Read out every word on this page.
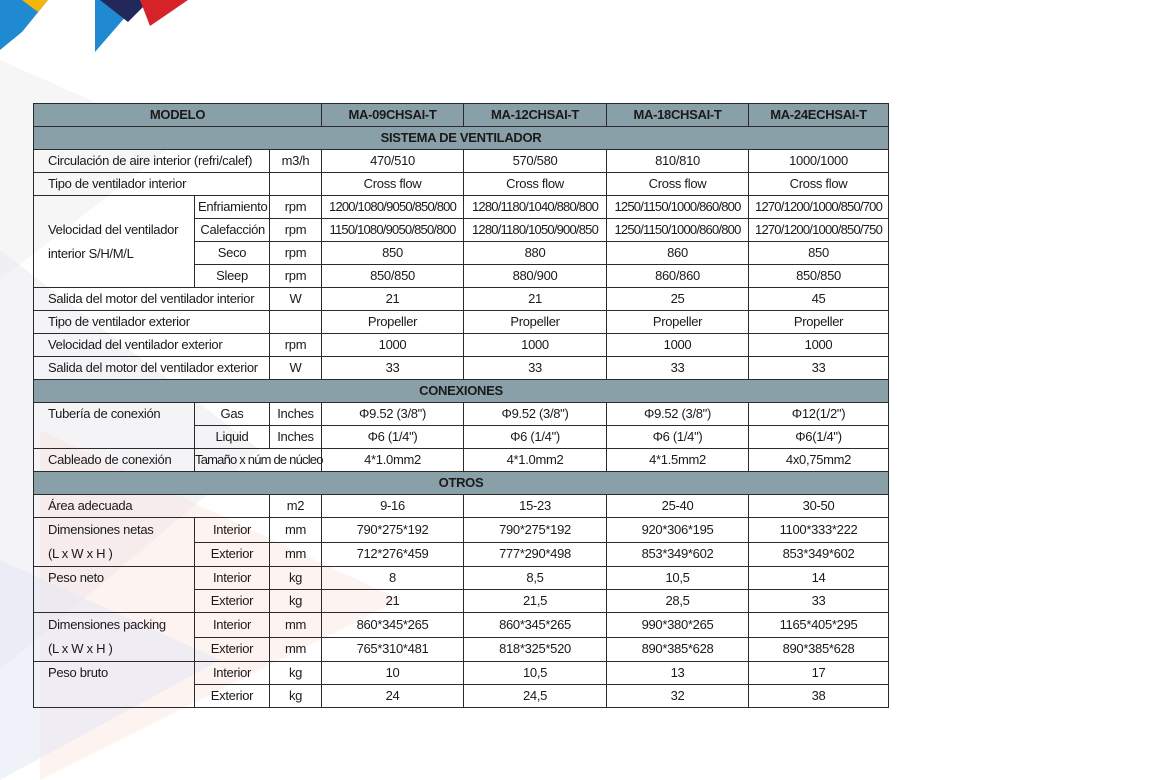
MODELO			MA-09CHSAI-T	MA-12CHSAI-T	MA-18CHSAI-T	MA-24ECHSAI-T
SISTEMA DE VENTILADOR						
Circulación de aire interior (refri/calef)		m3/h	470/510	570/580	810/810	1000/1000
Tipo de ventilador interior			Cross flow	Cross flow	Cross flow	Cross flow

Velocidad del ventilador
interior S/H/M/L	Enfriamiento	rpm	1200/1080/9050/850/800	1280/1180/1040/880/800	1250/1150/1000/860/800	1270/1200/1000/850/700
	Calefacción	rpm	1150/1080/9050/850/800	1280/1180/1050/900/850	1250/1150/1000/860/800	1270/1200/1000/850/750
	Seco	rpm	850	880	860	850
	Sleep	rpm	850/850	880/900	860/860	850/850
Salida del motor del ventilador interior		W	21	21	25	45
Tipo de ventilador exterior			Propeller	Propeller	Propeller	Propeller
Velocidad del ventilador exterior		rpm	1000	1000	1000	1000
Salida del motor del ventilador exterior		W	33	33	33	33
CONEXIONES						
Tubería de conexión	Gas	Inches	Φ9.52 (3/8")	Φ9.52 (3/8")	Φ9.52 (3/8")	Φ12(1/2")
	Liquid	Inches	Φ6 (1/4")	Φ6 (1/4")	Φ6 (1/4")	Φ6(1/4")
Cableado de conexión	Tamaño x núm de núcleo		4*1.0mm2	4*1.0mm2	4*1.5mm2	4x0,75mm2
OTROS						
Área adecuada		m2	9-16	15-23	25-40	30-50

Dimensiones netas
(L x W x H )	Interior	mm	790*275*192	790*275*192	920*306*195	1100*333*222
	Exterior	mm	712*276*459	777*290*498	853*349*602	853*349*602
Peso neto	Interior	kg	8	8,5	10,5	14
	Exterior	kg	21	21,5	28,5	33

Dimensiones packing
(L x W x H )	Interior	mm	860*345*265	860*345*265	990*380*265	1165*405*295
	Exterior	mm	765*310*481	818*325*520	890*385*628	890*385*628
Peso bruto	Interior	kg	10	10,5	13	17
	Exterior	kg	24	24,5	32	38
